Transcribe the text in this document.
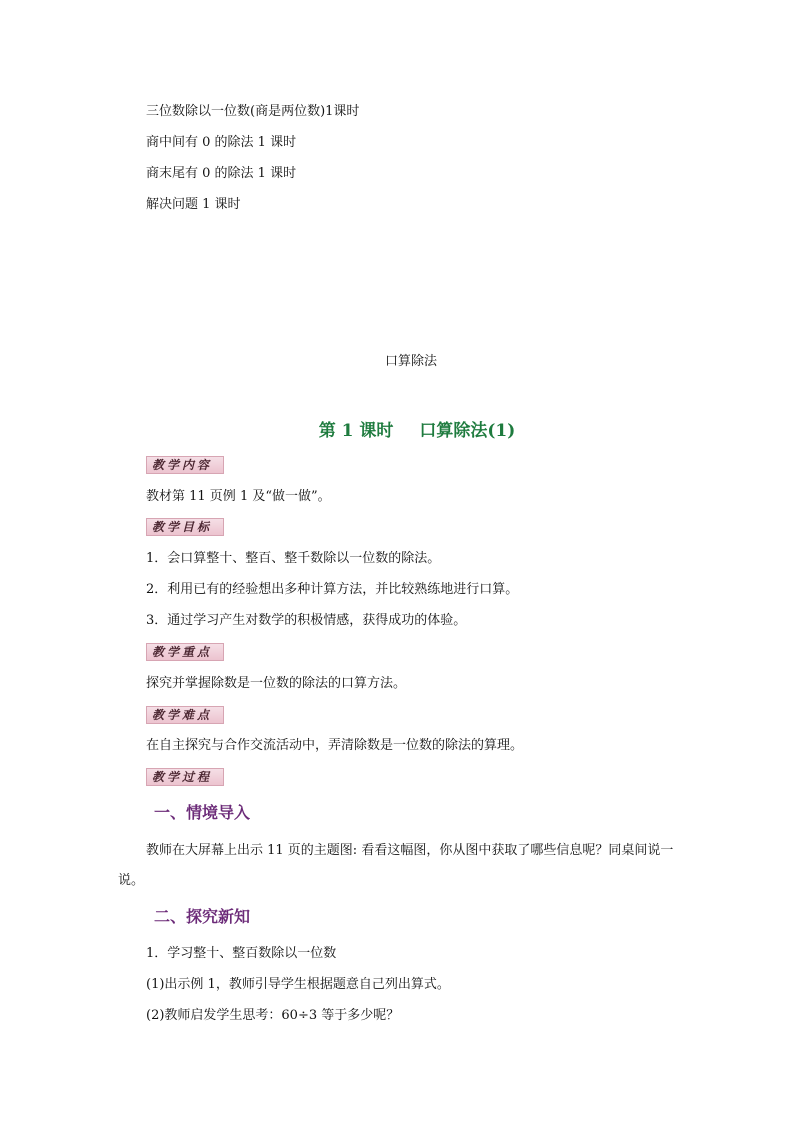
三位数除以一位数(商是两位数)1课时
商中间有 0 的除法 1 课时
商末尾有 0 的除法 1 课时
解决问题 1 课时
口算除法
第 1 课时 口算除法(1)
教学内容
教材第 11 页例 1 及“做一做”。
教学目标
1．会口算整十、整百、整千数除以一位数的除法。
2．利用已有的经验想出多种计算方法，并比较熟练地进行口算。
3．通过学习产生对数学的积极情感，获得成功的体验。
教学重点
探究并掌握除数是一位数的除法的口算方法。
教学难点
在自主探究与合作交流活动中，弄清除数是一位数的除法的算理。
教学过程
一、情境导入
教师在大屏幕上出示 11 页的主题图: 看看这幅图，你从图中获取了哪些信息呢？同桌间说一说。
二、探究新知
1．学习整十、整百数除以一位数
(1)出示例 1，教师引导学生根据题意自己列出算式。
(2)教师启发学生思考：60÷3 等于多少呢？
